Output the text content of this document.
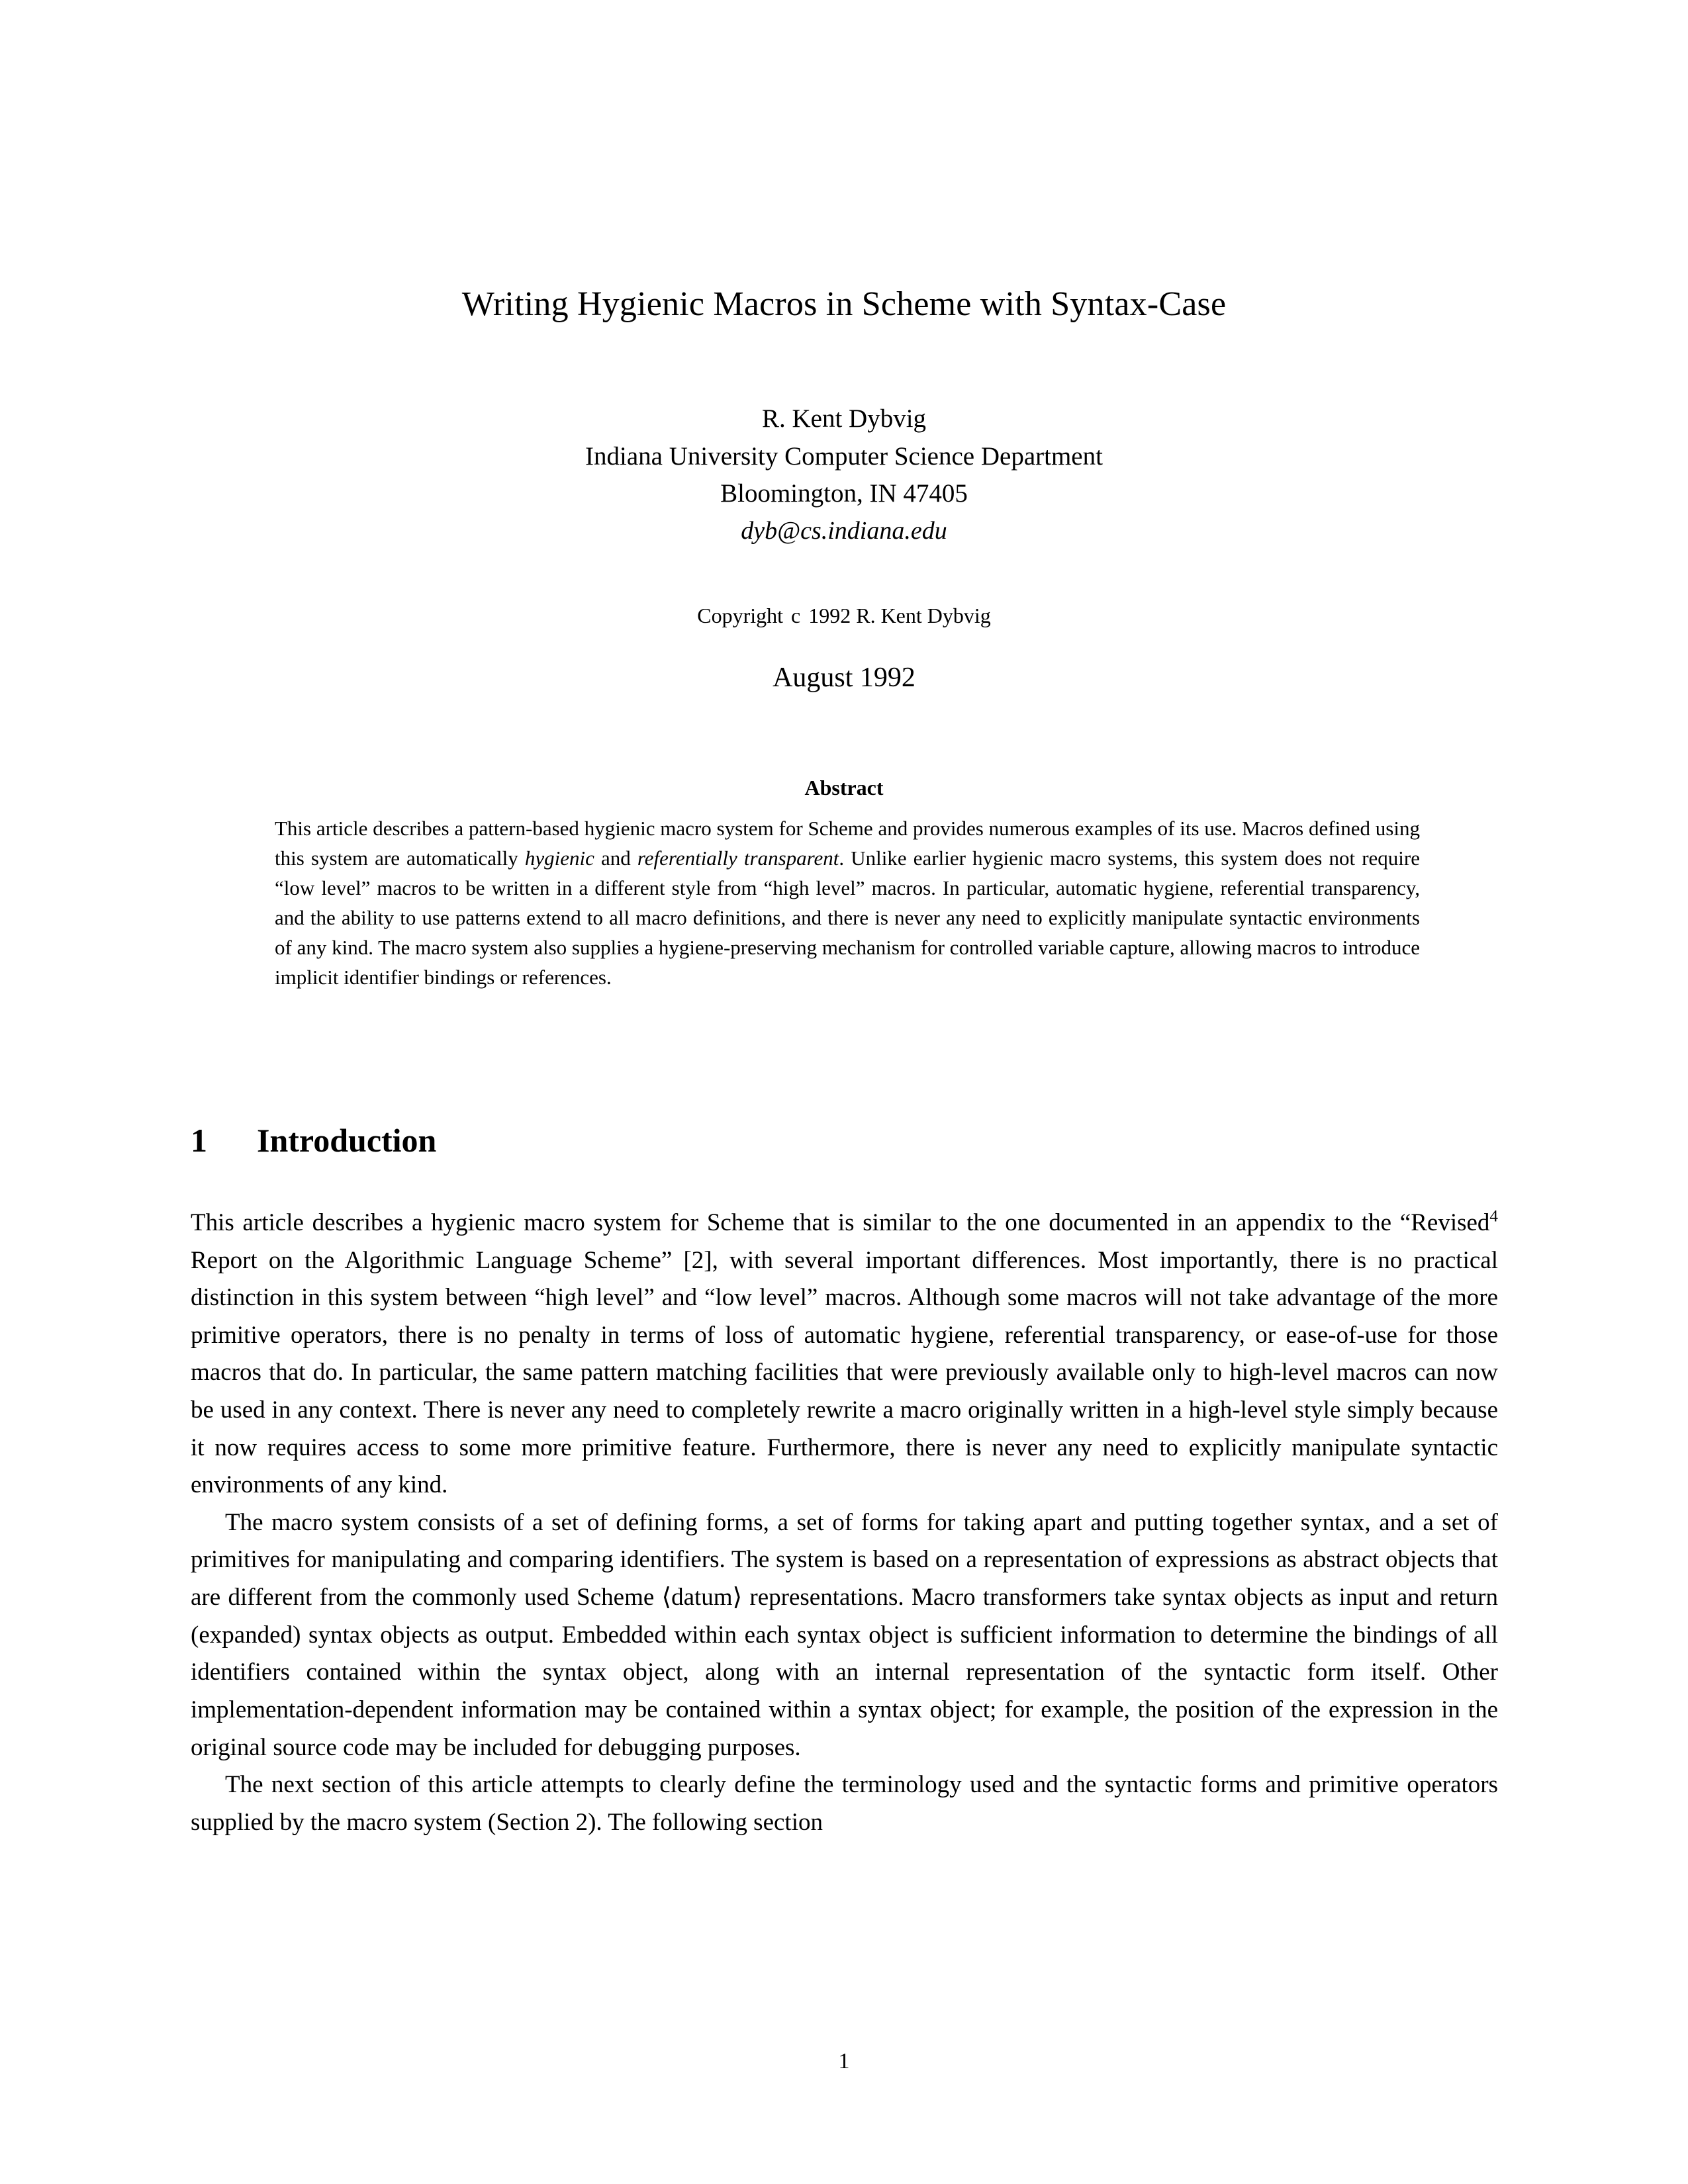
Writing Hygienic Macros in Scheme with Syntax-Case
R. Kent Dybvig
Indiana University Computer Science Department
Bloomington, IN 47405
dyb@cs.indiana.edu
Copyright c 1992 R. Kent Dybvig
August 1992
Abstract

This article describes a pattern-based hygienic macro system for Scheme and provides numerous examples of its use. Macros defined using this system are automatically hygienic and referentially transparent. Unlike earlier hygienic macro systems, this system does not require “low level” macros to be written in a different style from “high level” macros. In particular, automatic hygiene, referential transparency, and the ability to use patterns extend to all macro definitions, and there is never any need to explicitly manipulate syntactic environments of any kind. The macro system also supplies a hygiene-preserving mechanism for controlled variable capture, allowing macros to introduce implicit identifier bindings or references.

1 Introduction

This article describes a hygienic macro system for Scheme that is similar to the one documented in an appendix to the “Revised$^4$ Report on the Algorithmic Language Scheme” [2], with several important differences. Most importantly, there is no practical distinction in this system between “high level” and “low level” macros. Although some macros will not take advantage of the more primitive operators, there is no penalty in terms of loss of automatic hygiene, referential transparency, or ease-of-use for those macros that do. In particular, the same pattern matching facilities that were previously available only to high-level macros can now be used in any context. There is never any need to completely rewrite a macro originally written in a high-level style simply because it now requires access to some more primitive feature. Furthermore, there is never any need to explicitly manipulate syntactic environments of any kind.

The macro system consists of a set of defining forms, a set of forms for taking apart and putting together syntax, and a set of primitives for manipulating and comparing identifiers. The system is based on a representation of expressions as abstract objects that are different from the commonly used Scheme ⟨datum⟩ representations. Macro transformers take syntax objects as input and return (expanded) syntax objects as output. Embedded within each syntax object is sufficient information to determine the bindings of all identifiers contained within the syntax object, along with an internal representation of the syntactic form itself. Other implementation-dependent information may be contained within a syntax object; for example, the position of the expression in the original source code may be included for debugging purposes.

The next section of this article attempts to clearly define the terminology used and the syntactic forms and primitive operators supplied by the macro system (Section 2). The following section

1
